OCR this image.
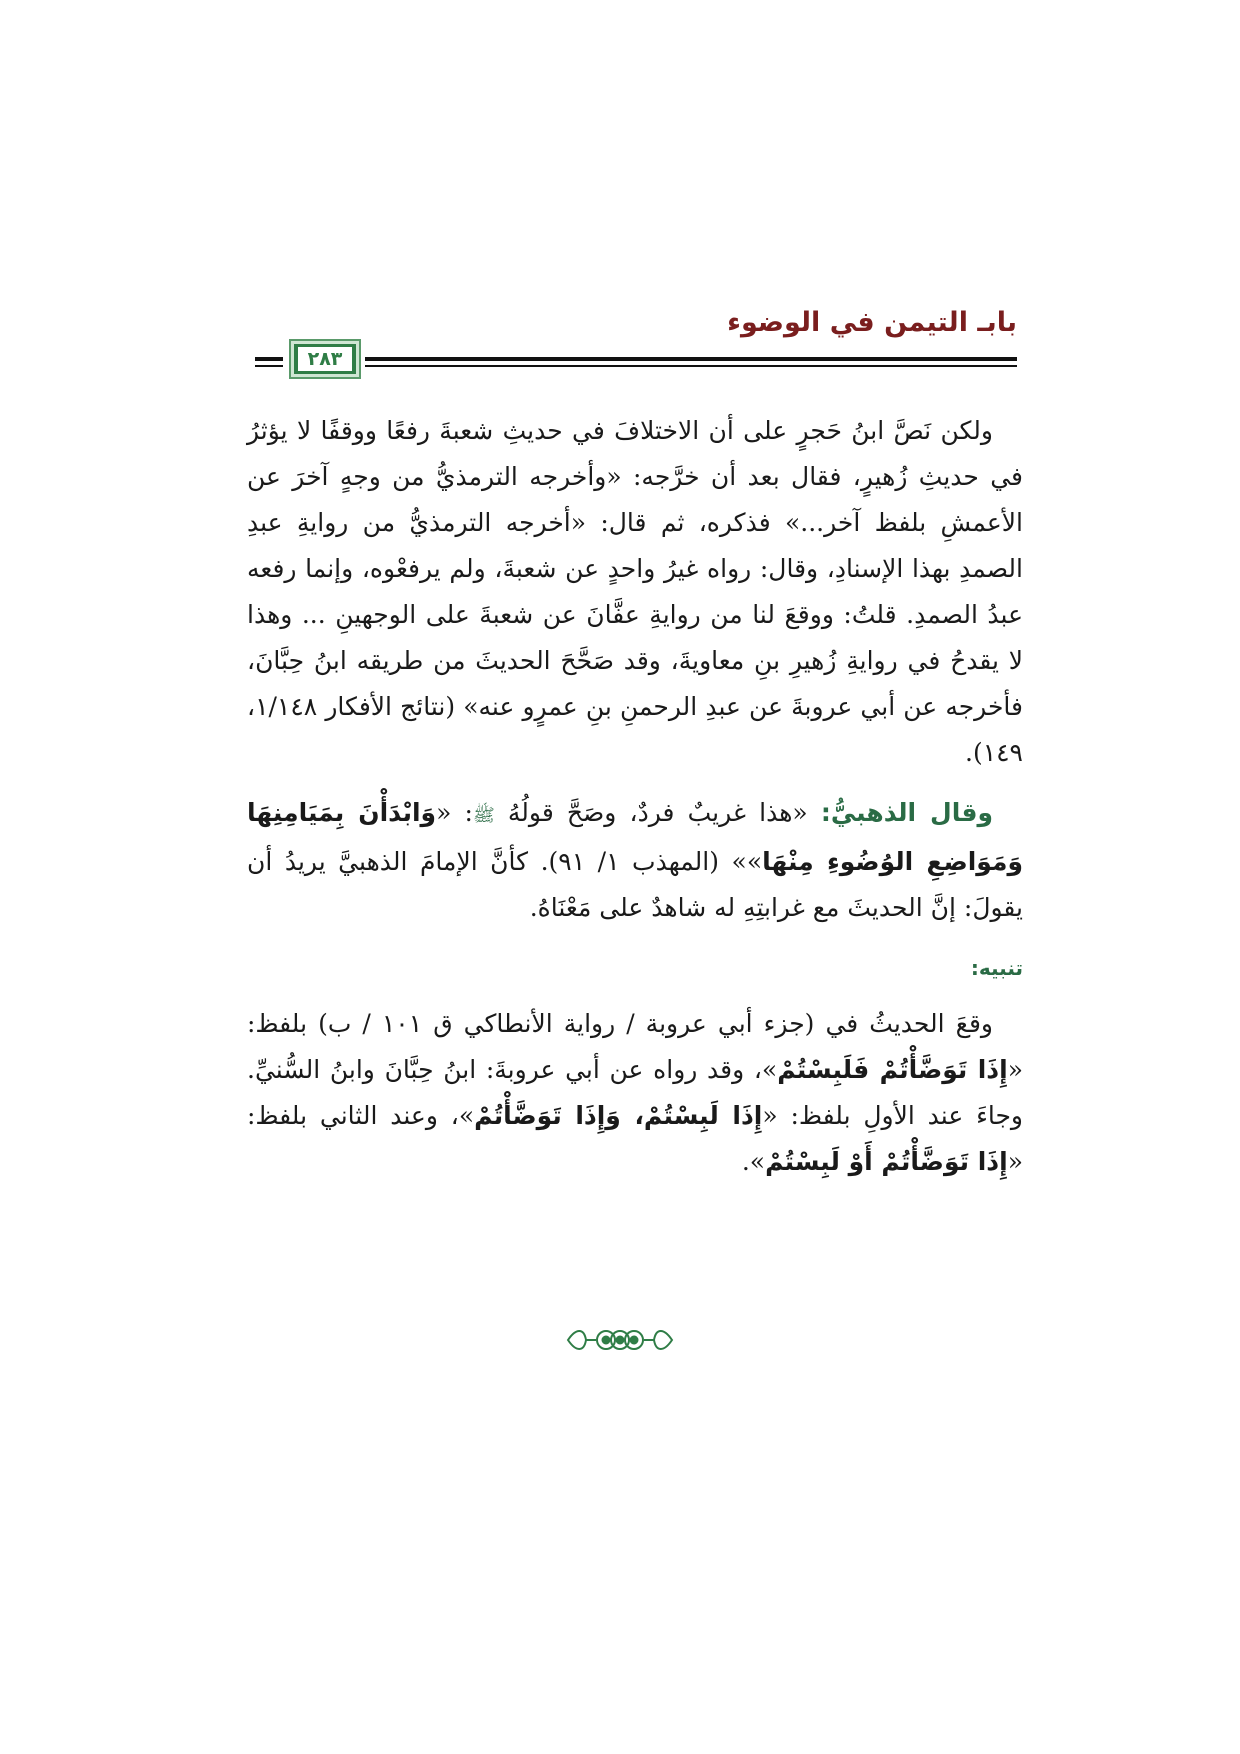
بابـ التيمن في الوضوء
٢٨٣

ولكن نَصَّ ابنُ حَجرٍ على أن الاختلافَ في حديثِ شعبةَ رفعًا ووقفًا لا يؤثرُ في حديثِ زُهيرٍ، فقال بعد أن خرَّجه: «وأخرجه الترمذيُّ من وجهٍ آخرَ عن الأعمشِ بلفظ آخر...» فذكره، ثم قال: «أخرجه الترمذيُّ من روايةِ عبدِ الصمدِ بهذا الإسنادِ، وقال: رواه غيرُ واحدٍ عن شعبةَ، ولم يرفعْوه، وإنما رفعه عبدُ الصمدِ. قلتُ: ووقعَ لنا من روايةِ عفَّانَ عن شعبةَ على الوجهينِ ... وهذا لا يقدحُ في روايةِ زُهيرِ بنِ معاويةَ، وقد صَحَّحَ الحديثَ من طريقه ابنُ حِبَّانَ، فأخرجه عن أبي عروبةَ عن عبدِ الرحمنِ بنِ عمرٍو عنه» (نتائج الأفكار ١/١٤٨، ١٤٩).

وقال الذهبيُّ: «هذا غريبٌ فردٌ، وصَحَّ قولُهُ ﷺ: «وَابْدَأْنَ بِمَيَامِنِهَا وَمَوَاضِعِ الوُضُوءِ مِنْهَا»» (المهذب ١/ ٩١). كأنَّ الإمامَ الذهبيَّ يريدُ أن يقولَ: إنَّ الحديثَ مع غرابتِهِ له شاهدٌ على مَعْنَاهُ.

تنبيه:

وقعَ الحديثُ في (جزء أبي عروبة / رواية الأنطاكي ق ١٠١ / ب) بلفظ: «إِذَا تَوَضَّأْتُمْ فَلَبِسْتُمْ»، وقد رواه عن أبي عروبةَ: ابنُ حِبَّانَ وابنُ السُّنيِّ. وجاءَ عند الأولِ بلفظ: «إِذَا لَبِسْتُمْ، وَإِذَا تَوَضَّأْتُمْ»، وعند الثاني بلفظ: «إِذَا تَوَضَّأْتُمْ أَوْ لَبِسْتُمْ».
